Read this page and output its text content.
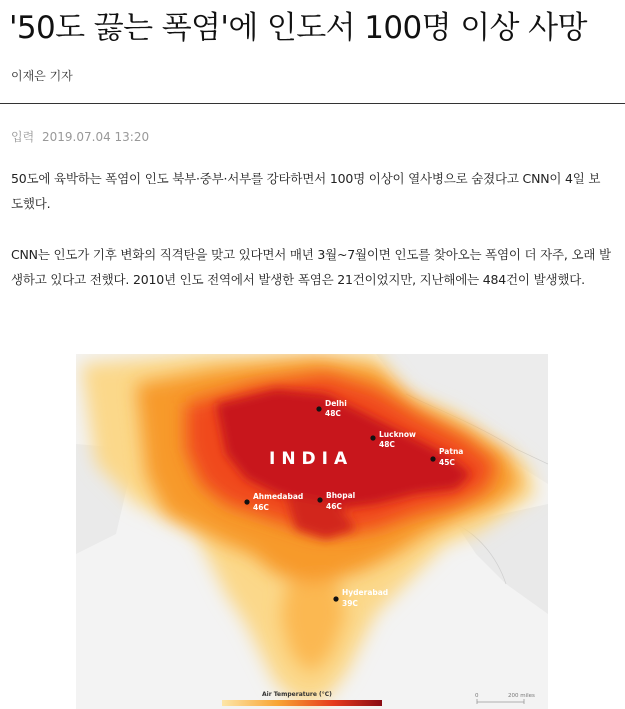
'50도 끓는 폭염'에 인도서 100명 이상 사망
이재은 기자
입력 2019.07.04 13:20

50도에 육박하는 폭염이 인도 북부·중부·서부를 강타하면서 100명 이상이 열사병으로 숨졌다고 CNN이 4일 보도했다.

CNN는 인도가 기후 변화의 직격탄을 맞고 있다면서 매년 3월~7월이면 인도를 찾아오는 폭염이 더 자주, 오래 발생하고 있다고 전했다. 2010년 인도 전역에서 발생한 폭염은 21건이었지만, 지난해에는 484건이 발생했다.

INDIA
Delhi
48C
Lucknow
48C
Patna
45C
Ahmedabad
46C
Bhopal
46C
Hyderabad
39C
Air Temperature (°C)	0	200 miles
